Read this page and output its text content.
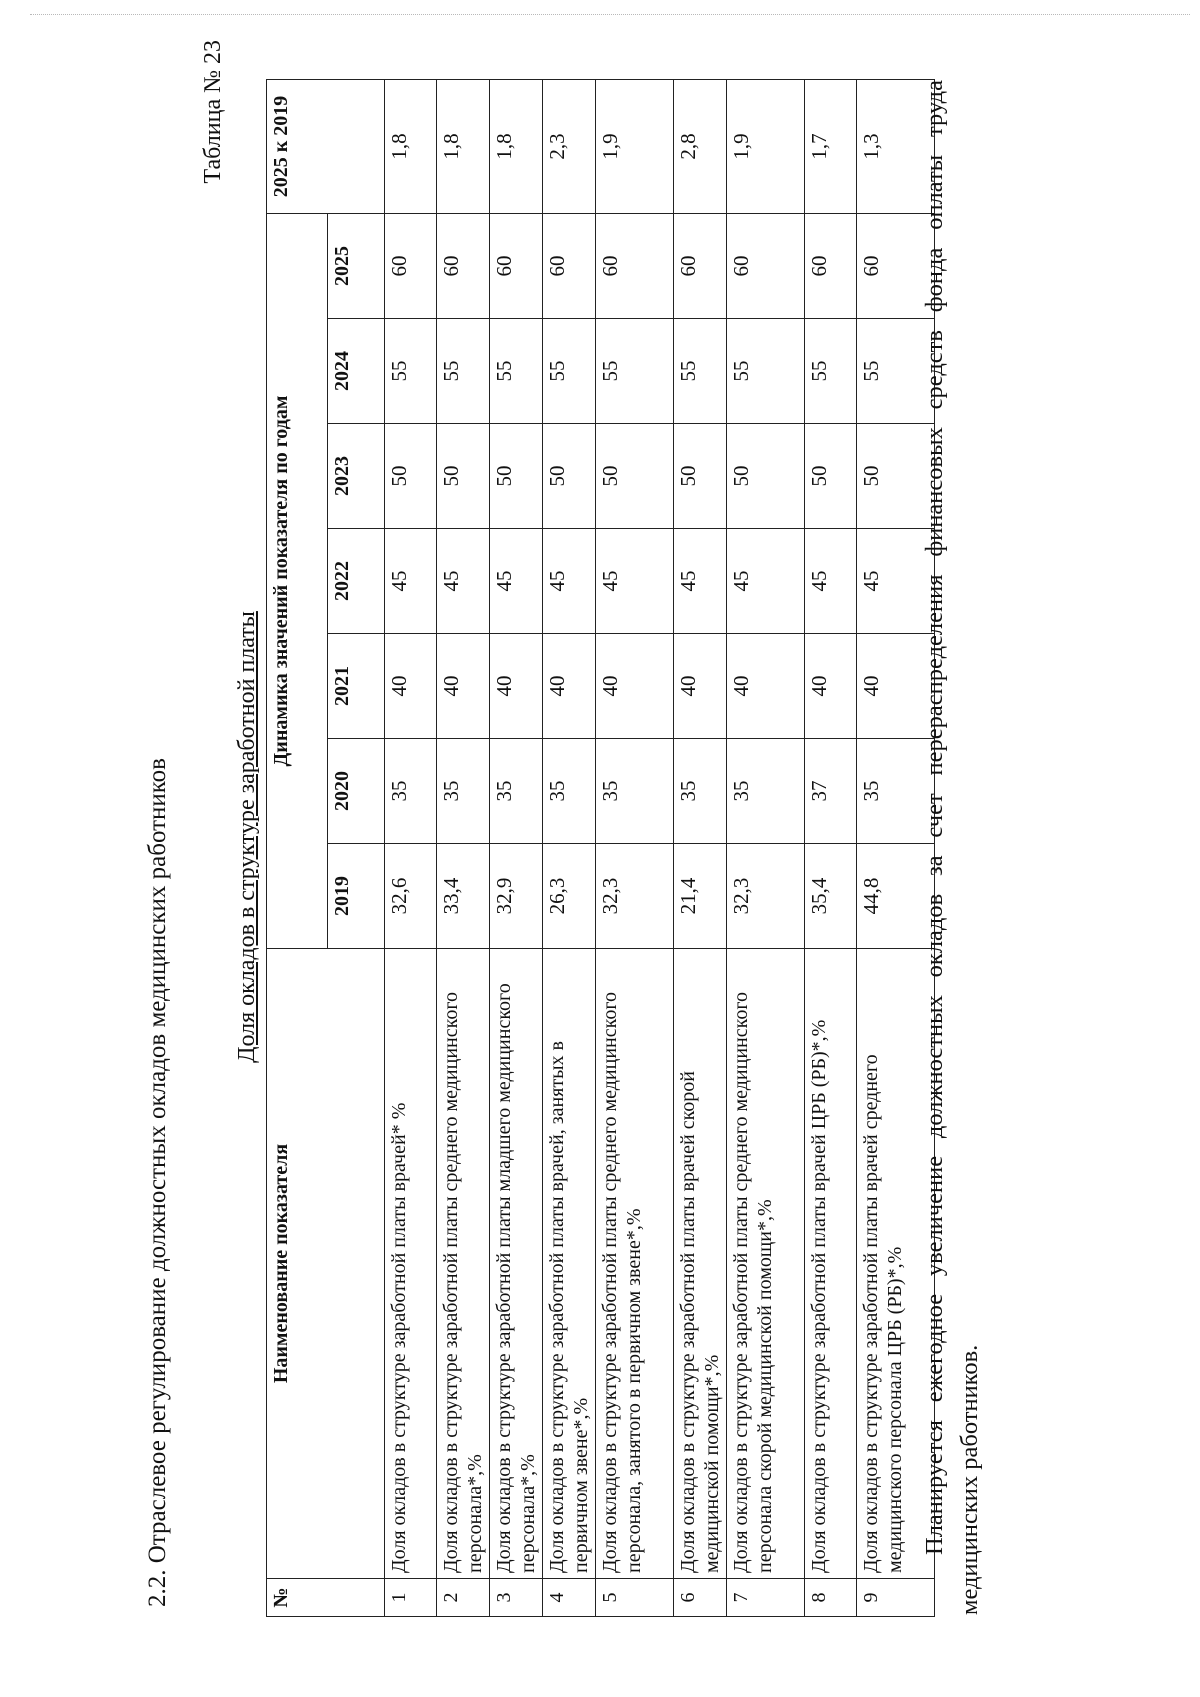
2.2. Отраслевое регулирование должностных окладов медицинских работников
Таблица № 23
Доля окладов в структуре заработной платы
№	Наименование показателя	Динамика значений показателя по годам							2025 к 2019
		2019	2020	2021	2022	2023	2024	2025	
1	Доля окладов в структуре заработной платы врачей* %	32,6	35	40	45	50	55	60	1,8
2	Доля окладов в структуре заработной платы среднего медицинского персонала*,%	33,4	35	40	45	50	55	60	1,8
3	Доля окладов в структуре заработной платы младшего медицинского персонала*,%	32,9	35	40	45	50	55	60	1,8
4	Доля окладов в структуре заработной платы врачей, занятых в первичном звене*,%	26,3	35	40	45	50	55	60	2,3
5	Доля окладов в структуре заработной платы среднего медицинского персонала, занятого в первичном звене*,%	32,3	35	40	45	50	55	60	1,9
6	Доля окладов в структуре заработной платы врачей скорой медицинской помощи*,%	21,4	35	40	45	50	55	60	2,8
7	Доля окладов в структуре заработной платы среднего медицинского персонала скорой медицинской помощи*,%	32,3	35	40	45	50	55	60	1,9
8	Доля окладов в структуре заработной платы врачей ЦРБ (РБ)*,%	35,4	37	40	45	50	55	60	1,7
9	Доля окладов в структуре заработной платы врачей среднего медицинского персонала ЦРБ (РБ)*,%	44,8	35	40	45	50	55	60	1,3 Планируется ежегодное увеличение должностных окладов за счет перераспределения финансовых средств фонда оплаты труда медицинских работников.
